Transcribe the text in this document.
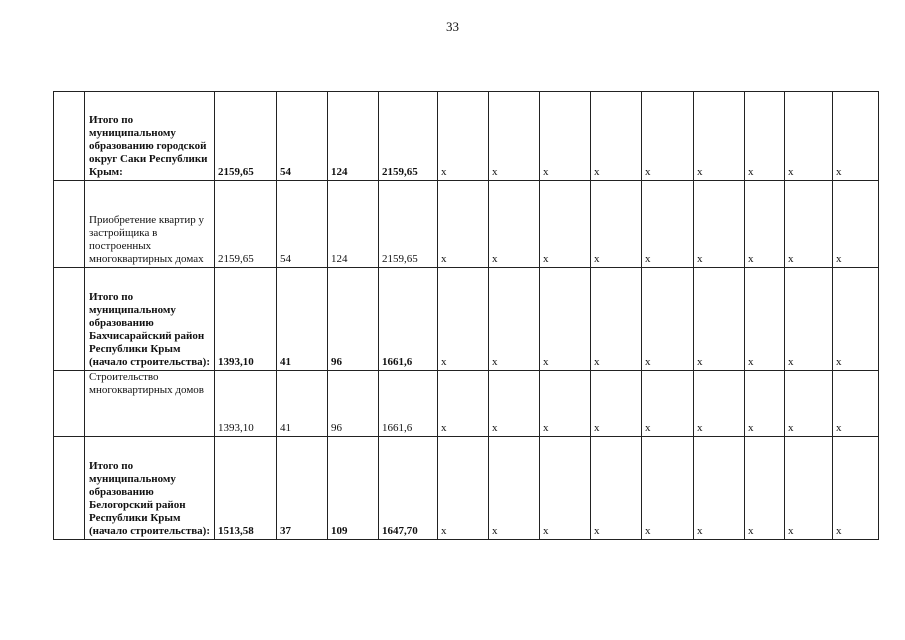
33
	Итого по муниципальному образованию городской округ Саки Республики Крым:	2159,65	54	124	2159,65	x	x	x	x	x	x	x	x	x
	Приобретение квартир у застройщика в построенных многоквартирных домах	2159,65	54	124	2159,65	x	x	x	x	x	x	x	x	x
	Итого по муниципальному образованию Бахчисарайский район Республики Крым (начало строительства):	1393,10	41	96	1661,6	x	x	x	x	x	x	x	x	x
	Строительство многоквартирных домов	1393,10	41	96	1661,6	x	x	x	x	x	x	x	x	x
	Итого по муниципальному образованию Белогорский район Республики Крым (начало строительства):	1513,58	37	109	1647,70	x	x	x	x	x	x	x	x	x
